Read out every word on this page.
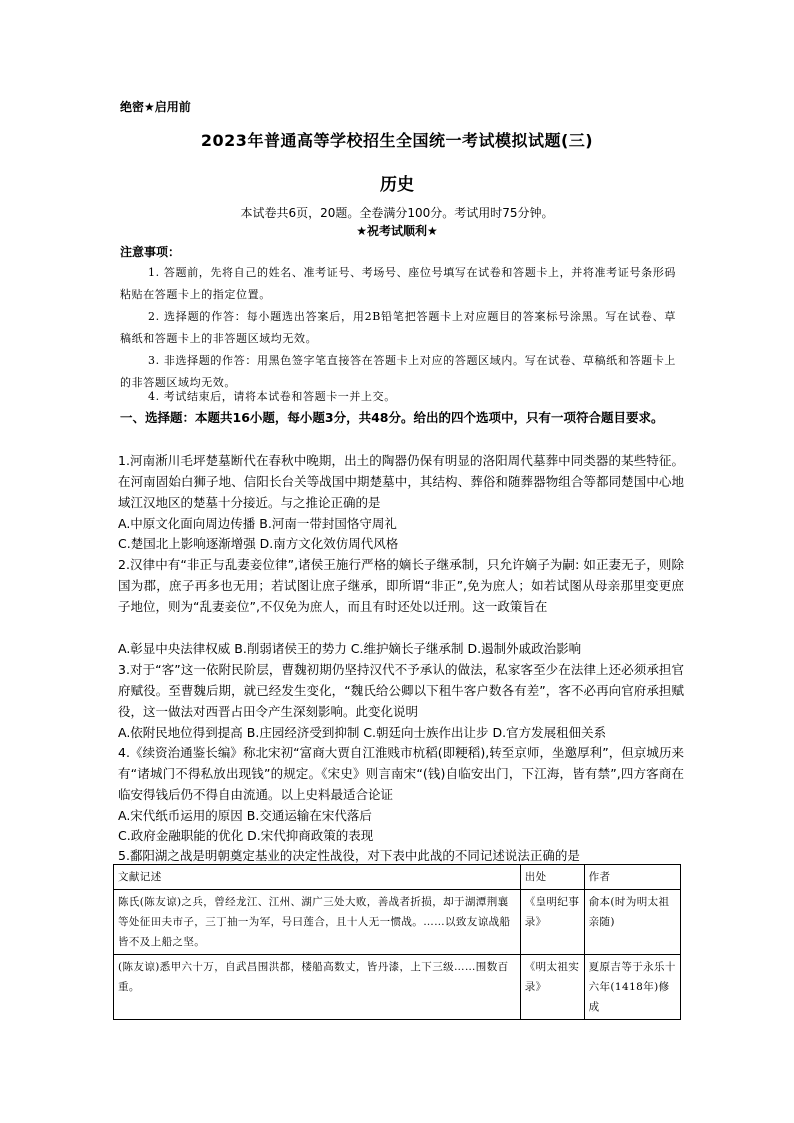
绝密★启用前
2023年普通高等学校招生全国统一考试模拟试题(三)
历史
本试卷共6页，20题。全卷满分100分。考试用时75分钟。
★祝考试顺利★
注意事项：
1. 答题前，先将自己的姓名、准考证号、考场号、座位号填写在试卷和答题卡上，并将准考证号条形码粘贴在答题卡上的指定位置。
2. 选择题的作答：每小题选出答案后，用2B铅笔把答题卡上对应题目的答案标号涂黑。写在试卷、草稿纸和答题卡上的非答题区域均无效。
3. 非选择题的作答：用黑色签字笔直接答在答题卡上对应的答题区域内。写在试卷、草稿纸和答题卡上的非答题区域均无效。
4. 考试结束后，请将本试卷和答题卡一并上交。
一、选择题：本题共16小题，每小题3分，共48分。给出的四个选项中，只有一项符合题目要求。
1.河南淅川毛坪楚墓断代在春秋中晚期，出土的陶器仍保有明显的洛阳周代墓葬中同类器的某些特征。在河南固始白狮子地、信阳长台关等战国中期楚墓中，其结构、葬俗和随葬器物组合等都同楚国中心地域江汉地区的楚墓十分接近。与之推论正确的是
A.中原文化面向周边传播 B.河南一带封国恪守周礼
C.楚国北上影响逐渐增强 D.南方文化效仿周代风格
2.汉律中有“非正与乱妻妾位律”,诸侯王施行严格的嫡长子继承制，只允许嫡子为嗣: 如正妻无子，则除国为郡，庶子再多也无用；若试图让庶子继承，即所谓“非正”,免为庶人；如若试图从母亲那里变更庶子地位，则为“乱妻妾位”,不仅免为庶人，而且有时还处以迁刑。这一政策旨在
A.彰显中央法律权威 B.削弱诸侯王的势力 C.维护嫡长子继承制 D.遏制外戚政治影响
3.对于“客”这一依附民阶层，曹魏初期仍坚持汉代不予承认的做法，私家客至少在法律上还必须承担官府赋役。至曹魏后期，就已经发生变化，“魏氏给公卿以下租牛客户数各有差”，客不必再向官府承担赋役，这一做法对西晋占田令产生深刻影响。此变化说明
A.依附民地位得到提高 B.庄园经济受到抑制 C.朝廷向士族作出让步 D.官方发展租佃关系
4.《续资治通鉴长编》称北宋初“富商大贾自江淮贱市杭稻(即粳稻),转至京师，坐邀厚利”，但京城历来有“诸城门不得私放出现钱”的规定。《宋史》则言南宋“(钱)自临安出门，下江海，皆有禁”,四方客商在临安得钱后仍不得自由流通。以上史料最适合论证
A.宋代纸币运用的原因 B.交通运输在宋代落后
C.政府金融职能的优化 D.宋代抑商政策的表现
5.鄱阳湖之战是明朝奠定基业的决定性战役，对下表中此战的不同记述说法正确的是
文献记述	出处	作者
陈氏(陈友谅)之兵，曾经龙江、江州、湖广三处大败，善战者折损，却于湖潭荆襄等处征田夫市子，三丁抽一为军，号曰莲合，且十人无一惯战。……以致友谅战船皆不及上船之坚。	《皇明纪事录》	俞本(时为明太祖亲随)
(陈友谅)悉甲六十万，自武昌围洪都，楼船高数丈，皆丹漆，上下三级……围数百重。	《明太祖实录》	夏原吉等于永乐十六年(1418年)修成
